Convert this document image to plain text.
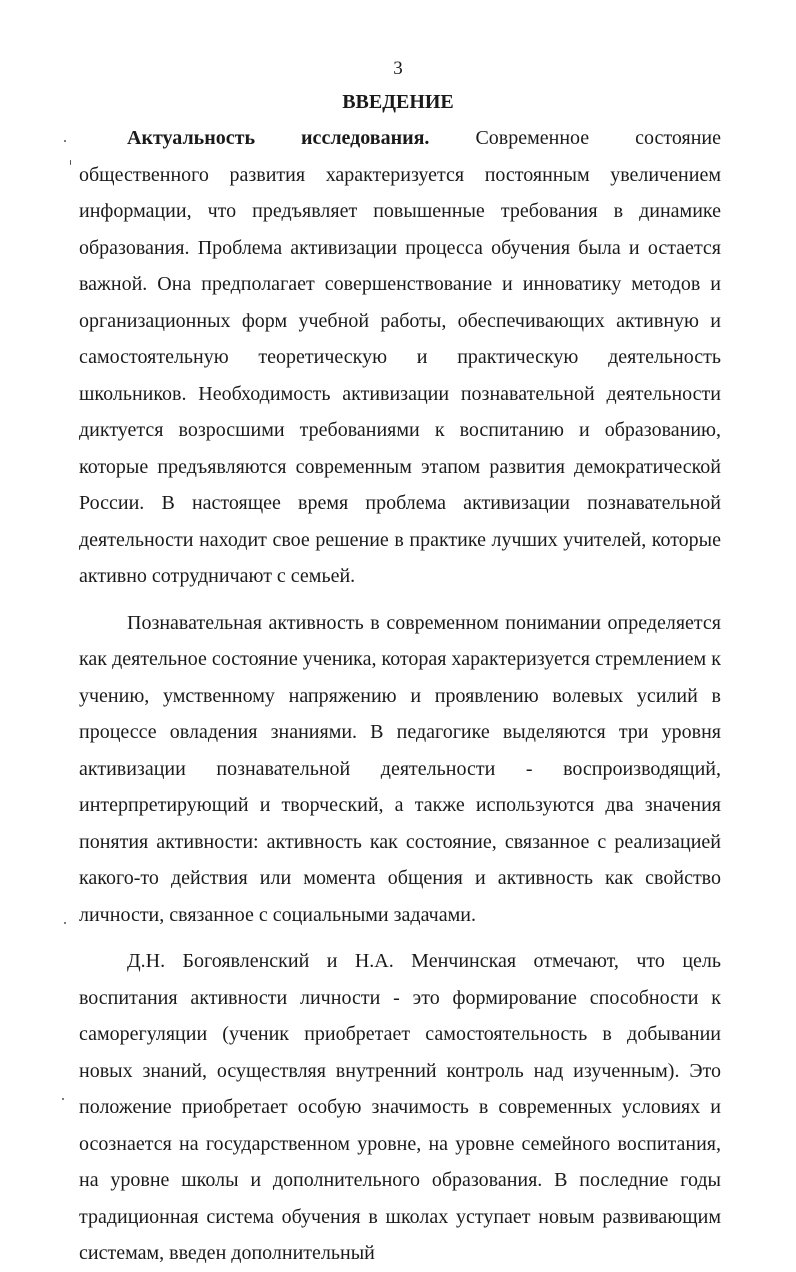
3
ВВЕДЕНИЕ

Актуальность исследования. Современное состояние общественного развития характеризуется постоянным увеличением информации, что предъявляет повышенные требования в динамике образования. Проблема активизации процесса обучения была и остается важной. Она предполагает совершенствование и инноватику методов и организационных форм учебной работы, обеспечивающих активную и самостоятельную теоретическую и практическую деятельность школьников. Необходимость активизации познавательной деятельности диктуется возросшими требованиями к воспитанию и образованию, которые предъявляются современным этапом развития демократической России. В настоящее время проблема активизации познавательной деятельности находит свое решение в практике лучших учителей, которые активно сотрудничают с семьей.

Познавательная активность в современном понимании определяется как деятельное состояние ученика, которая характеризуется стремлением к учению, умственному напряжению и проявлению волевых усилий в процессе овладения знаниями. В педагогике выделяются три уровня активизации познавательной деятельности - воспроизводящий, интерпретирующий и творческий, а также используются два значения понятия активности: активность как состояние, связанное с реализацией какого-то действия или момента общения и активность как свойство личности, связанное с социальными задачами.

Д.Н. Богоявленский и Н.А. Менчинская отмечают, что цель воспитания активности личности - это формирование способности к саморегуляции (ученик приобретает самостоятельность в добывании новых знаний, осуществляя внутренний контроль над изученным). Это положение приобретает особую значимость в современных условиях и осознается на государственном уровне, на уровне семейного воспитания, на уровне школы и дополнительного образования. В последние годы традиционная система обучения в школах уступает новым развивающим системам, введен дополнительный
